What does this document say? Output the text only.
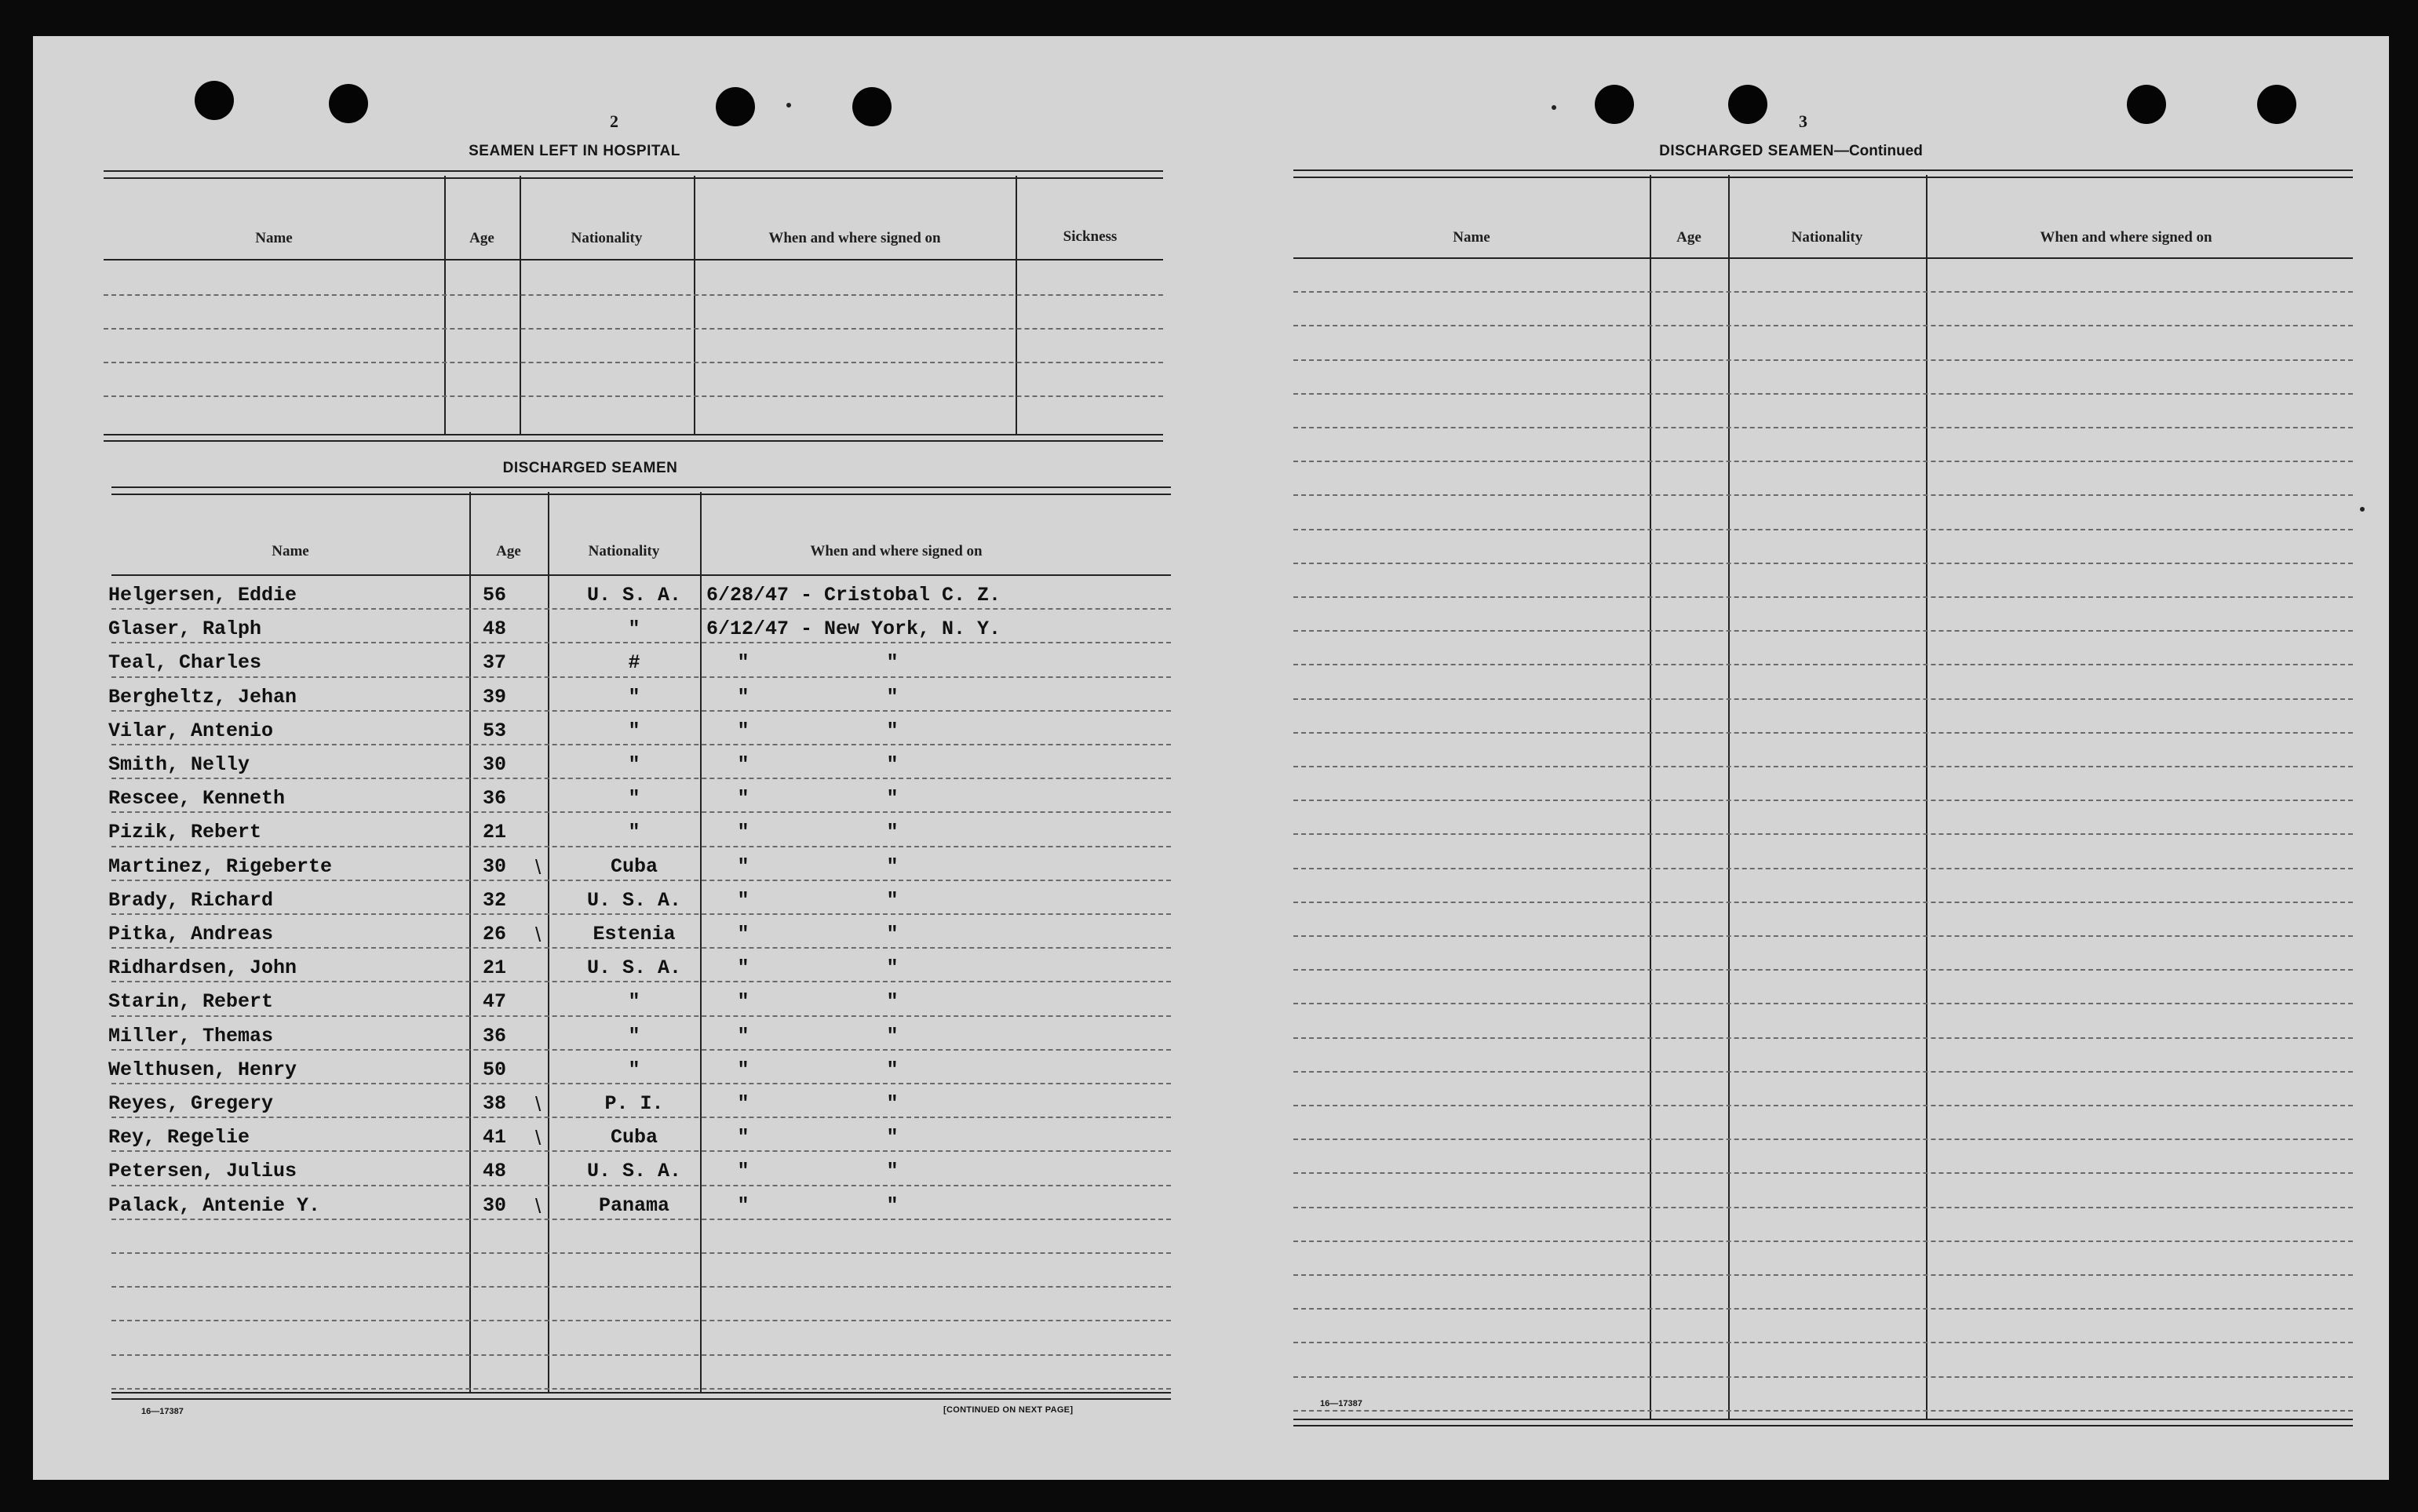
2
SEAMEN LEFT IN HOSPITAL
Name	Age	Nationality	When and where signed on	Sickness
DISCHARGED SEAMEN
Name	Age	Nationality	When and where signed on
Helgersen, Eddie	56	U. S. A.	6/28/47 - Cristobal C. Z.
Glaser, Ralph	48	"	6/12/47 - New York, N. Y.
Teal, Charles	37	#	"	"
Bergheltz, Jehan	39	"	"	"
Vilar, Antenio	53	"	"	"
Smith, Nelly	30	"	"	"
Rescee, Kenneth	36	"	"	"
Pizik, Rebert	21	"	"	"
Martinez, Rigeberte	30	Cuba	"	"
\
Brady, Richard	32	U. S. A.	"	"
Pitka, Andreas	26	Estenia	"	"
\
Ridhardsen, John	21	U. S. A.	"	"
Starin, Rebert	47	"	"	"
Miller, Themas	36	"	"	"
Welthusen, Henry	50	"	"	"
Reyes, Gregery	38	P. I.	"	"
\
Rey, Regelie	41	Cuba	"	"
\
Petersen, Julius	48	U. S. A.	"	"
Palack, Antenie Y.	30	Panama	"	"
\
16—17387	[CONTINUED ON NEXT PAGE]
3
DISCHARGED SEAMEN—Continued
Name	Age	Nationality	When and where signed on
16—17387
